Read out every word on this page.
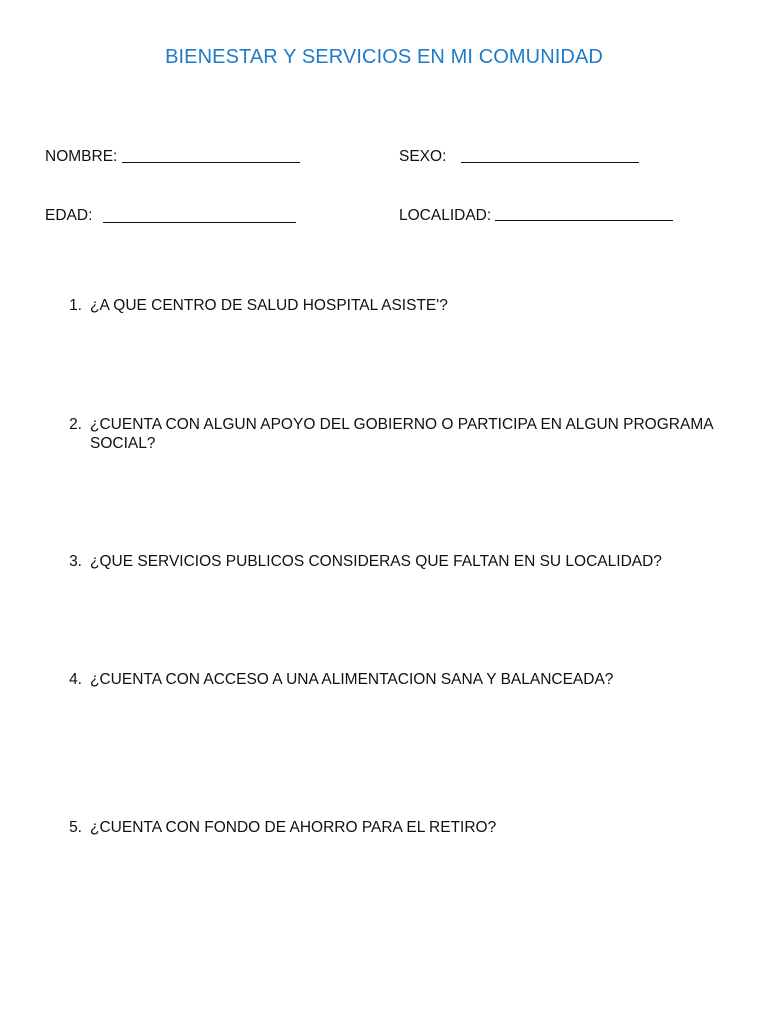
BIENESTAR Y SERVICIOS EN MI COMUNIDAD
NOMBRE:	SEXO:
EDAD:	LOCALIDAD:
1. ¿A QUE CENTRO DE SALUD HOSPITAL ASISTE'?
2. ¿CUENTA CON ALGUN APOYO DEL GOBIERNO O PARTICIPA EN ALGUN PROGRAMA SOCIAL?
3. ¿QUE SERVICIOS PUBLICOS CONSIDERAS QUE FALTAN EN SU LOCALIDAD?
4. ¿CUENTA CON ACCESO A UNA ALIMENTACION SANA Y BALANCEADA?
5. ¿CUENTA CON FONDO DE AHORRO PARA EL RETIRO?
